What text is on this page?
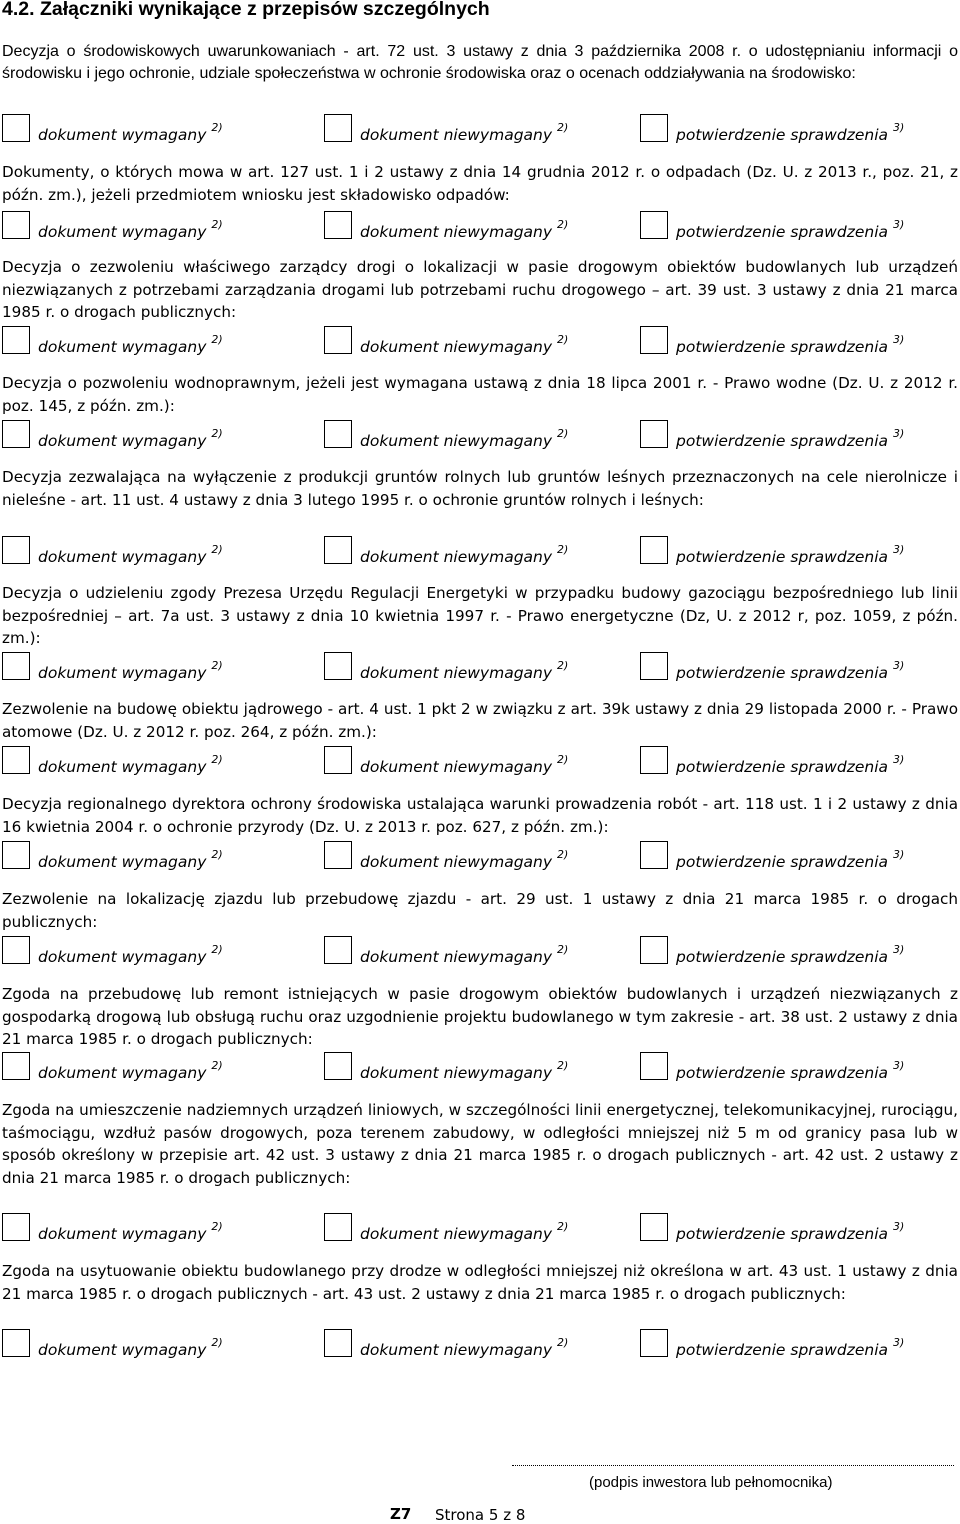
4.2. Załączniki wynikające z przepisów szczególnych

Decyzja o środowiskowych uwarunkowaniach - art. 72 ust. 3 ustawy z dnia 3 października 2008 r. o udostępnianiu informacji o środowisku i jego ochronie, udziale społeczeństwa w ochronie środowiska oraz o ocenach oddziaływania na środowisko:

dokument wymagany $^{2)}$	dokument niewymagany $^{2)}$	potwierdzenie sprawdzenia $^{3)}$

Dokumenty, o których mowa w art. 127 ust. 1 i 2 ustawy z dnia 14 grudnia 2012 r. o odpadach (Dz. U. z 2013 r., poz. 21, z późn. zm.), jeżeli przedmiotem wniosku jest składowisko odpadów:

dokument wymagany $^{2)}$	dokument niewymagany $^{2)}$	potwierdzenie sprawdzenia $^{3)}$

Decyzja o zezwoleniu właściwego zarządcy drogi o lokalizacji w pasie drogowym obiektów budowlanych lub urządzeń niezwiązanych z potrzebami zarządzania drogami lub potrzebami ruchu drogowego – art. 39 ust. 3 ustawy z dnia 21 marca 1985 r. o drogach publicznych:

dokument wymagany $^{2)}$	dokument niewymagany $^{2)}$	potwierdzenie sprawdzenia $^{3)}$

Decyzja o pozwoleniu wodnoprawnym, jeżeli jest wymagana ustawą z dnia 18 lipca 2001 r. - Prawo wodne (Dz. U. z 2012 r. poz. 145, z późn. zm.):

dokument wymagany $^{2)}$	dokument niewymagany $^{2)}$	potwierdzenie sprawdzenia $^{3)}$

Decyzja zezwalająca na wyłączenie z produkcji gruntów rolnych lub gruntów leśnych przeznaczonych na cele nierolnicze i nieleśne - art. 11 ust. 4 ustawy z dnia 3 lutego 1995 r. o ochronie gruntów rolnych i leśnych:

dokument wymagany $^{2)}$	dokument niewymagany $^{2)}$	potwierdzenie sprawdzenia $^{3)}$

Decyzja o udzieleniu zgody Prezesa Urzędu Regulacji Energetyki w przypadku budowy gazociągu bezpośredniego lub linii bezpośredniej – art. 7a ust. 3 ustawy z dnia 10 kwietnia 1997 r. - Prawo energetyczne (Dz, U. z 2012 r, poz. 1059, z późn. zm.):

dokument wymagany $^{2)}$	dokument niewymagany $^{2)}$	potwierdzenie sprawdzenia $^{3)}$

Zezwolenie na budowę obiektu jądrowego - art. 4 ust. 1 pkt 2 w związku z art. 39k ustawy z dnia 29 listopada 2000 r. - Prawo atomowe (Dz. U. z 2012 r. poz. 264, z późn. zm.):

dokument wymagany $^{2)}$	dokument niewymagany $^{2)}$	potwierdzenie sprawdzenia $^{3)}$

Decyzja regionalnego dyrektora ochrony środowiska ustalająca warunki prowadzenia robót - art. 118 ust. 1 i 2 ustawy z dnia 16 kwietnia 2004 r. o ochronie przyrody (Dz. U. z 2013 r. poz. 627, z późn. zm.):

dokument wymagany $^{2)}$	dokument niewymagany $^{2)}$	potwierdzenie sprawdzenia $^{3)}$

Zezwolenie na lokalizację zjazdu lub przebudowę zjazdu - art. 29 ust. 1 ustawy z dnia 21 marca 1985 r. o drogach publicznych:

dokument wymagany $^{2)}$	dokument niewymagany $^{2)}$	potwierdzenie sprawdzenia $^{3)}$

Zgoda na przebudowę lub remont istniejących w pasie drogowym obiektów budowlanych i urządzeń niezwiązanych z gospodarką drogową lub obsługą ruchu oraz uzgodnienie projektu budowlanego w tym zakresie - art. 38 ust. 2 ustawy z dnia 21 marca 1985 r. o drogach publicznych:

dokument wymagany $^{2)}$	dokument niewymagany $^{2)}$	potwierdzenie sprawdzenia $^{3)}$

Zgoda na umieszczenie nadziemnych urządzeń liniowych, w szczególności linii energetycznej, telekomunikacyjnej, rurociągu, taśmociągu, wzdłuż pasów drogowych, poza terenem zabudowy, w odległości mniejszej niż 5 m od granicy pasa lub w sposób określony w przepisie art. 42 ust. 3 ustawy z dnia 21 marca 1985 r. o drogach publicznych - art. 42 ust. 2 ustawy z dnia 21 marca 1985 r. o drogach publicznych:

dokument wymagany $^{2)}$	dokument niewymagany $^{2)}$	potwierdzenie sprawdzenia $^{3)}$

Zgoda na usytuowanie obiektu budowlanego przy drodze w odległości mniejszej niż określona w art. 43 ust. 1 ustawy z dnia 21 marca 1985 r. o drogach publicznych - art. 43 ust. 2 ustawy z dnia 21 marca 1985 r. o drogach publicznych:

dokument wymagany $^{2)}$	dokument niewymagany $^{2)}$	potwierdzenie sprawdzenia $^{3)}$
(podpis inwestora lub pełnomocnika)
Z7 Strona 5 z 8
